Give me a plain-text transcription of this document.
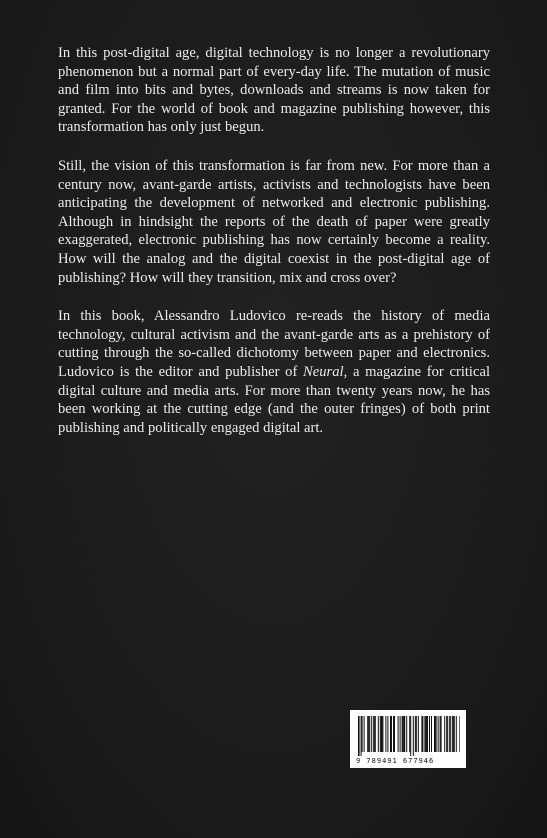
In this post-digital age, digital technology is no longer a revolutionary phenomenon but a normal part of every-day life. The mutation of music and film into bits and bytes, downloads and streams is now taken for granted. For the world of book and magazine publishing however, this transformation has only just begun.

Still, the vision of this transformation is far from new. For more than a century now, avant-garde artists, activists and technologists have been anticipating the development of networked and electronic publishing. Although in hindsight the reports of the death of paper were greatly exaggerated, electronic publishing has now certainly become a reality. How will the analog and the digital coexist in the post-digital age of publishing? How will they transition, mix and cross over?

In this book, Alessandro Ludovico re-reads the history of media technology, cultural activism and the avant-garde arts as a prehistory of cutting through the so-called dichotomy between paper and electronics. Ludovico is the editor and publisher of Neural, a magazine for critical digital culture and media arts. For more than twenty years now, he has been working at the cutting edge (and the outer fringes) of both print publishing and politically engaged digital art.

9 789491 677946
